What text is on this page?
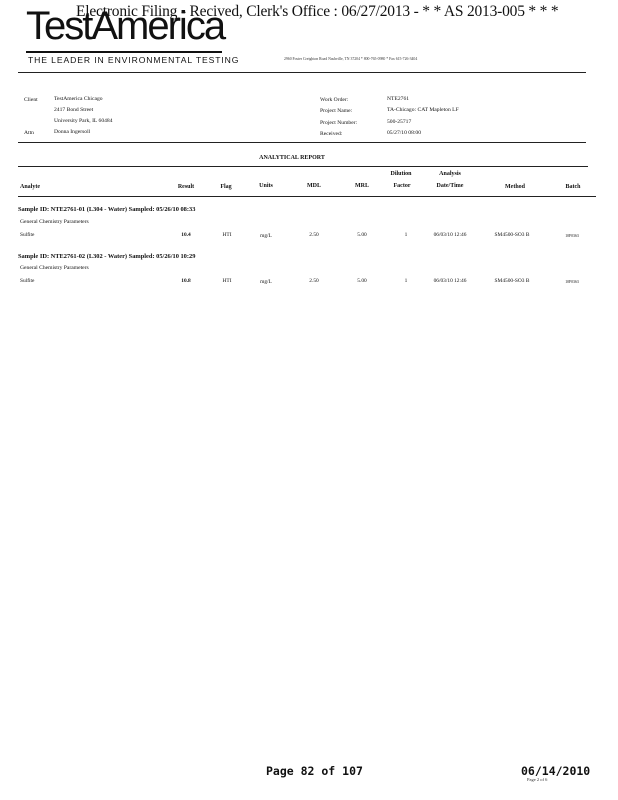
Electronic Filing - Recived, Clerk's Office : 06/27/2013 - * * AS 2013-005 * * *
TestAmerica
THE LEADER IN ENVIRONMENTAL TESTING	2960 Foster Creighton Road Nashville, TN 37204 * 800-765-0980 * Fax 615-726-3404
Client	TestAmerica Chicago
2417 Bond Street
University Park, IL 60484
Attn	Donna Ingersoll
Work Order:	NTE2761
Project Name:	TA-Chicago: CAT Mapleton LF
Project Number:	500-25717
Received:	05/27/10 08:00
ANALYTICAL REPORT
Analyte	Result	Flag	Units	MDL	MRL
Dilution
Factor
Analysis
Date/Time	Method	Batch
Sample ID: NTE2761-01 (L304 - Water) Sampled: 05/26/10 08:33
General Chemistry Parameters
Sulfite	10.4	HTI	mg/L	2.50	5.00	1	06/03/10 12:46	SM4500-SO3 B	10F0363
Sample ID: NTE2761-02 (L302 - Water) Sampled: 05/26/10 10:29
General Chemistry Parameters
Sulfite	10.8	HTI	mg/L	2.50	5.00	1	06/03/10 12:46	SM4500-SO3 B	10F0363
Page 82 of 107	06/14/2010
Page 2 of 6
